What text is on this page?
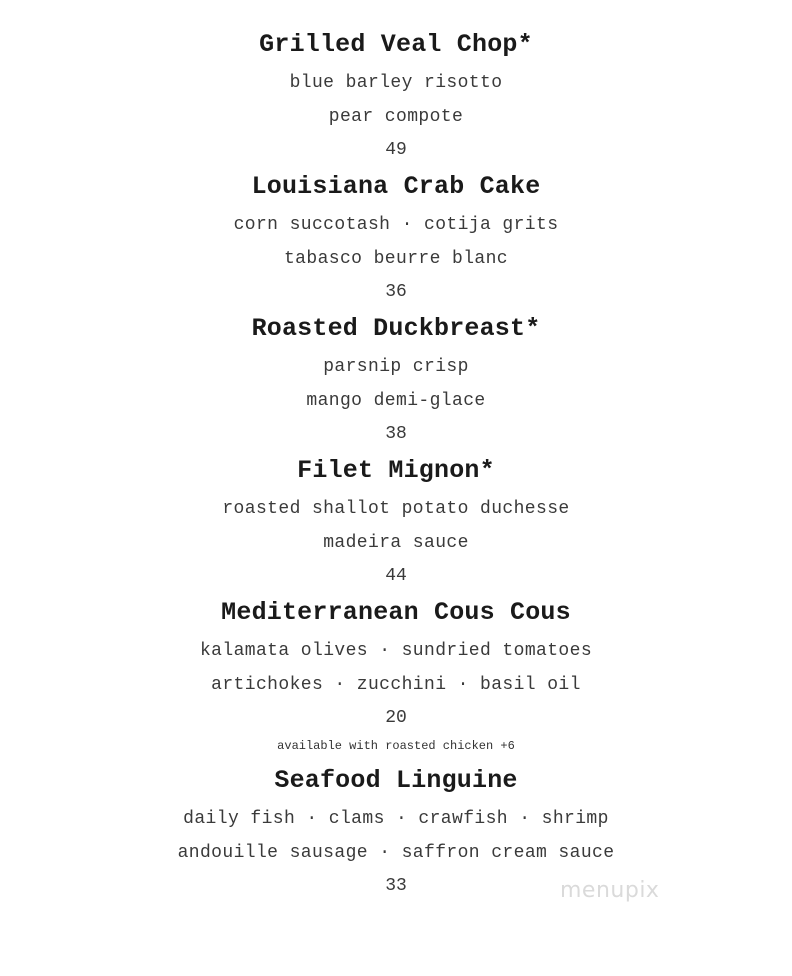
Grilled Veal Chop*
blue barley risotto
pear compote
49
Louisiana Crab Cake
corn succotash · cotija grits
tabasco beurre blanc
36
Roasted Duckbreast*
parsnip crisp
mango demi-glace
38
Filet Mignon*
roasted shallot potato duchesse
madeira sauce
44
Mediterranean Cous Cous
kalamata olives · sundried tomatoes
artichokes · zucchini · basil oil
20
available with roasted chicken +6
Seafood Linguine
daily fish · clams · crawfish · shrimp
andouille sausage · saffron cream sauce
33	menupix
